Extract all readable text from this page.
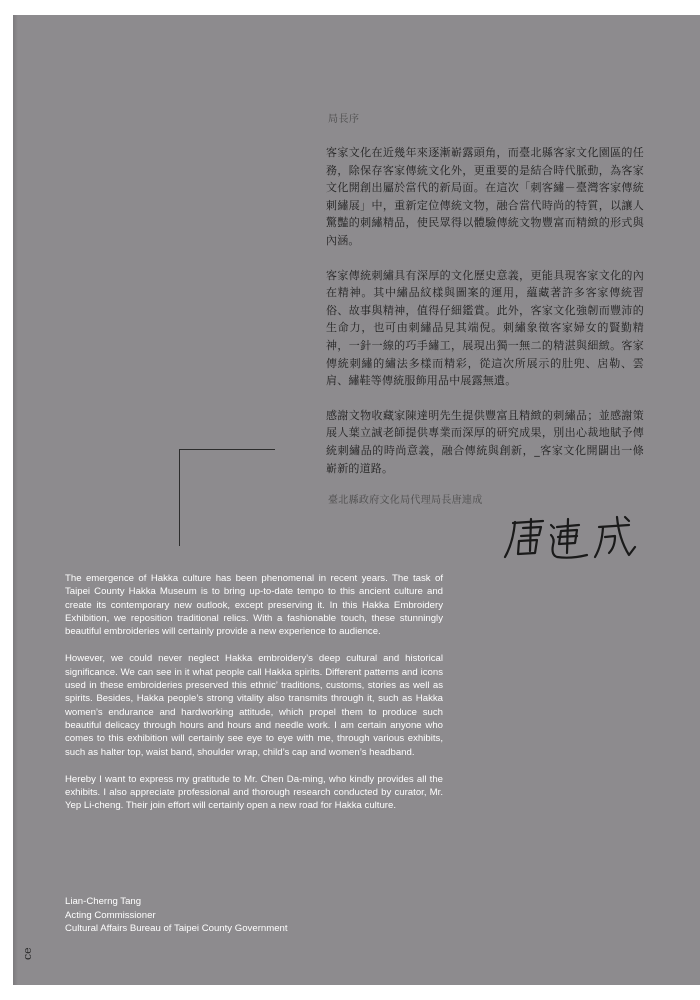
局長序

客家文化在近幾年來逐漸嶄露頭角，而臺北縣客家文化園區的任務，除保存客家傳統文化外，更重要的是結合時代脈動，為客家文化開創出屬於當代的新局面。在這次「刺客繡－臺灣客家傳統刺繡展」中，重新定位傳統文物，融合當代時尚的特質，以讓人驚豔的刺繡精品，使民眾得以體驗傳統文物豐富而精緻的形式與內涵。

客家傳統刺繡具有深厚的文化歷史意義，更能具現客家文化的內在精神。其中繡品紋樣與圖案的運用，蘊藏著許多客家傳統習俗、故事與精神，值得仔細鑑賞。此外，客家文化強韌而豐沛的生命力，也可由刺繡品見其端倪。刺繡象徵客家婦女的賢勤精神，一針一線的巧手繡工，展現出獨一無二的精湛與細緻。客家傳統刺繡的繡法多樣而精彩，從這次所展示的肚兜、扂勒、雲肩、繡鞋等傳統服飾用品中展露無遺。

感謝文物收藏家陳達明先生提供豐富且精緻的刺繡品；並感謝策展人葉立誠老師提供專業而深厚的研究成果，別出心裁地賦予傳統刺繡品的時尚意義，融合傳統與創新，_客家文化開闢出一條嶄新的道路。

臺北縣政府文化局代理局長唐連成

The emergence of Hakka culture has been phenomenal in recent years. The task of Taipei County Hakka Museum is to bring up-to-date tempo to this ancient culture and create its contemporary new outlook, except preserving it. In this Hakka Embroidery Exhibition, we reposition traditional relics. With a fashionable touch, these stunningly beautiful embroideries will certainly provide a new experience to audience.

However, we could never neglect Hakka embroidery’s deep cultural and historical significance. We can see in it what people call Hakka spirits. Different patterns and icons used in these embroideries preserved this ethnic’ traditions, customs, stories as well as spirits. Besides, Hakka people’s strong vitality also transmits through it, such as Hakka women’s endurance and hardworking attitude, which propel them to produce such beautiful delicacy through hours and hours and needle work. I am certain anyone who comes to this exhibition will certainly see eye to eye with me, through various exhibits, such as halter top, waist band, shoulder wrap, child’s cap and women’s headband.

Hereby I want to express my gratitude to Mr. Chen Da-ming, who kindly provides all the exhibits. I also appreciate professional and thorough research conducted by curator, Mr. Yep Li-cheng. Their join effort will certainly open a new road for Hakka culture.

Lian-Cherng Tang
Acting Commissioner
Cultural Affairs Bureau of Taipei County Government
ce
